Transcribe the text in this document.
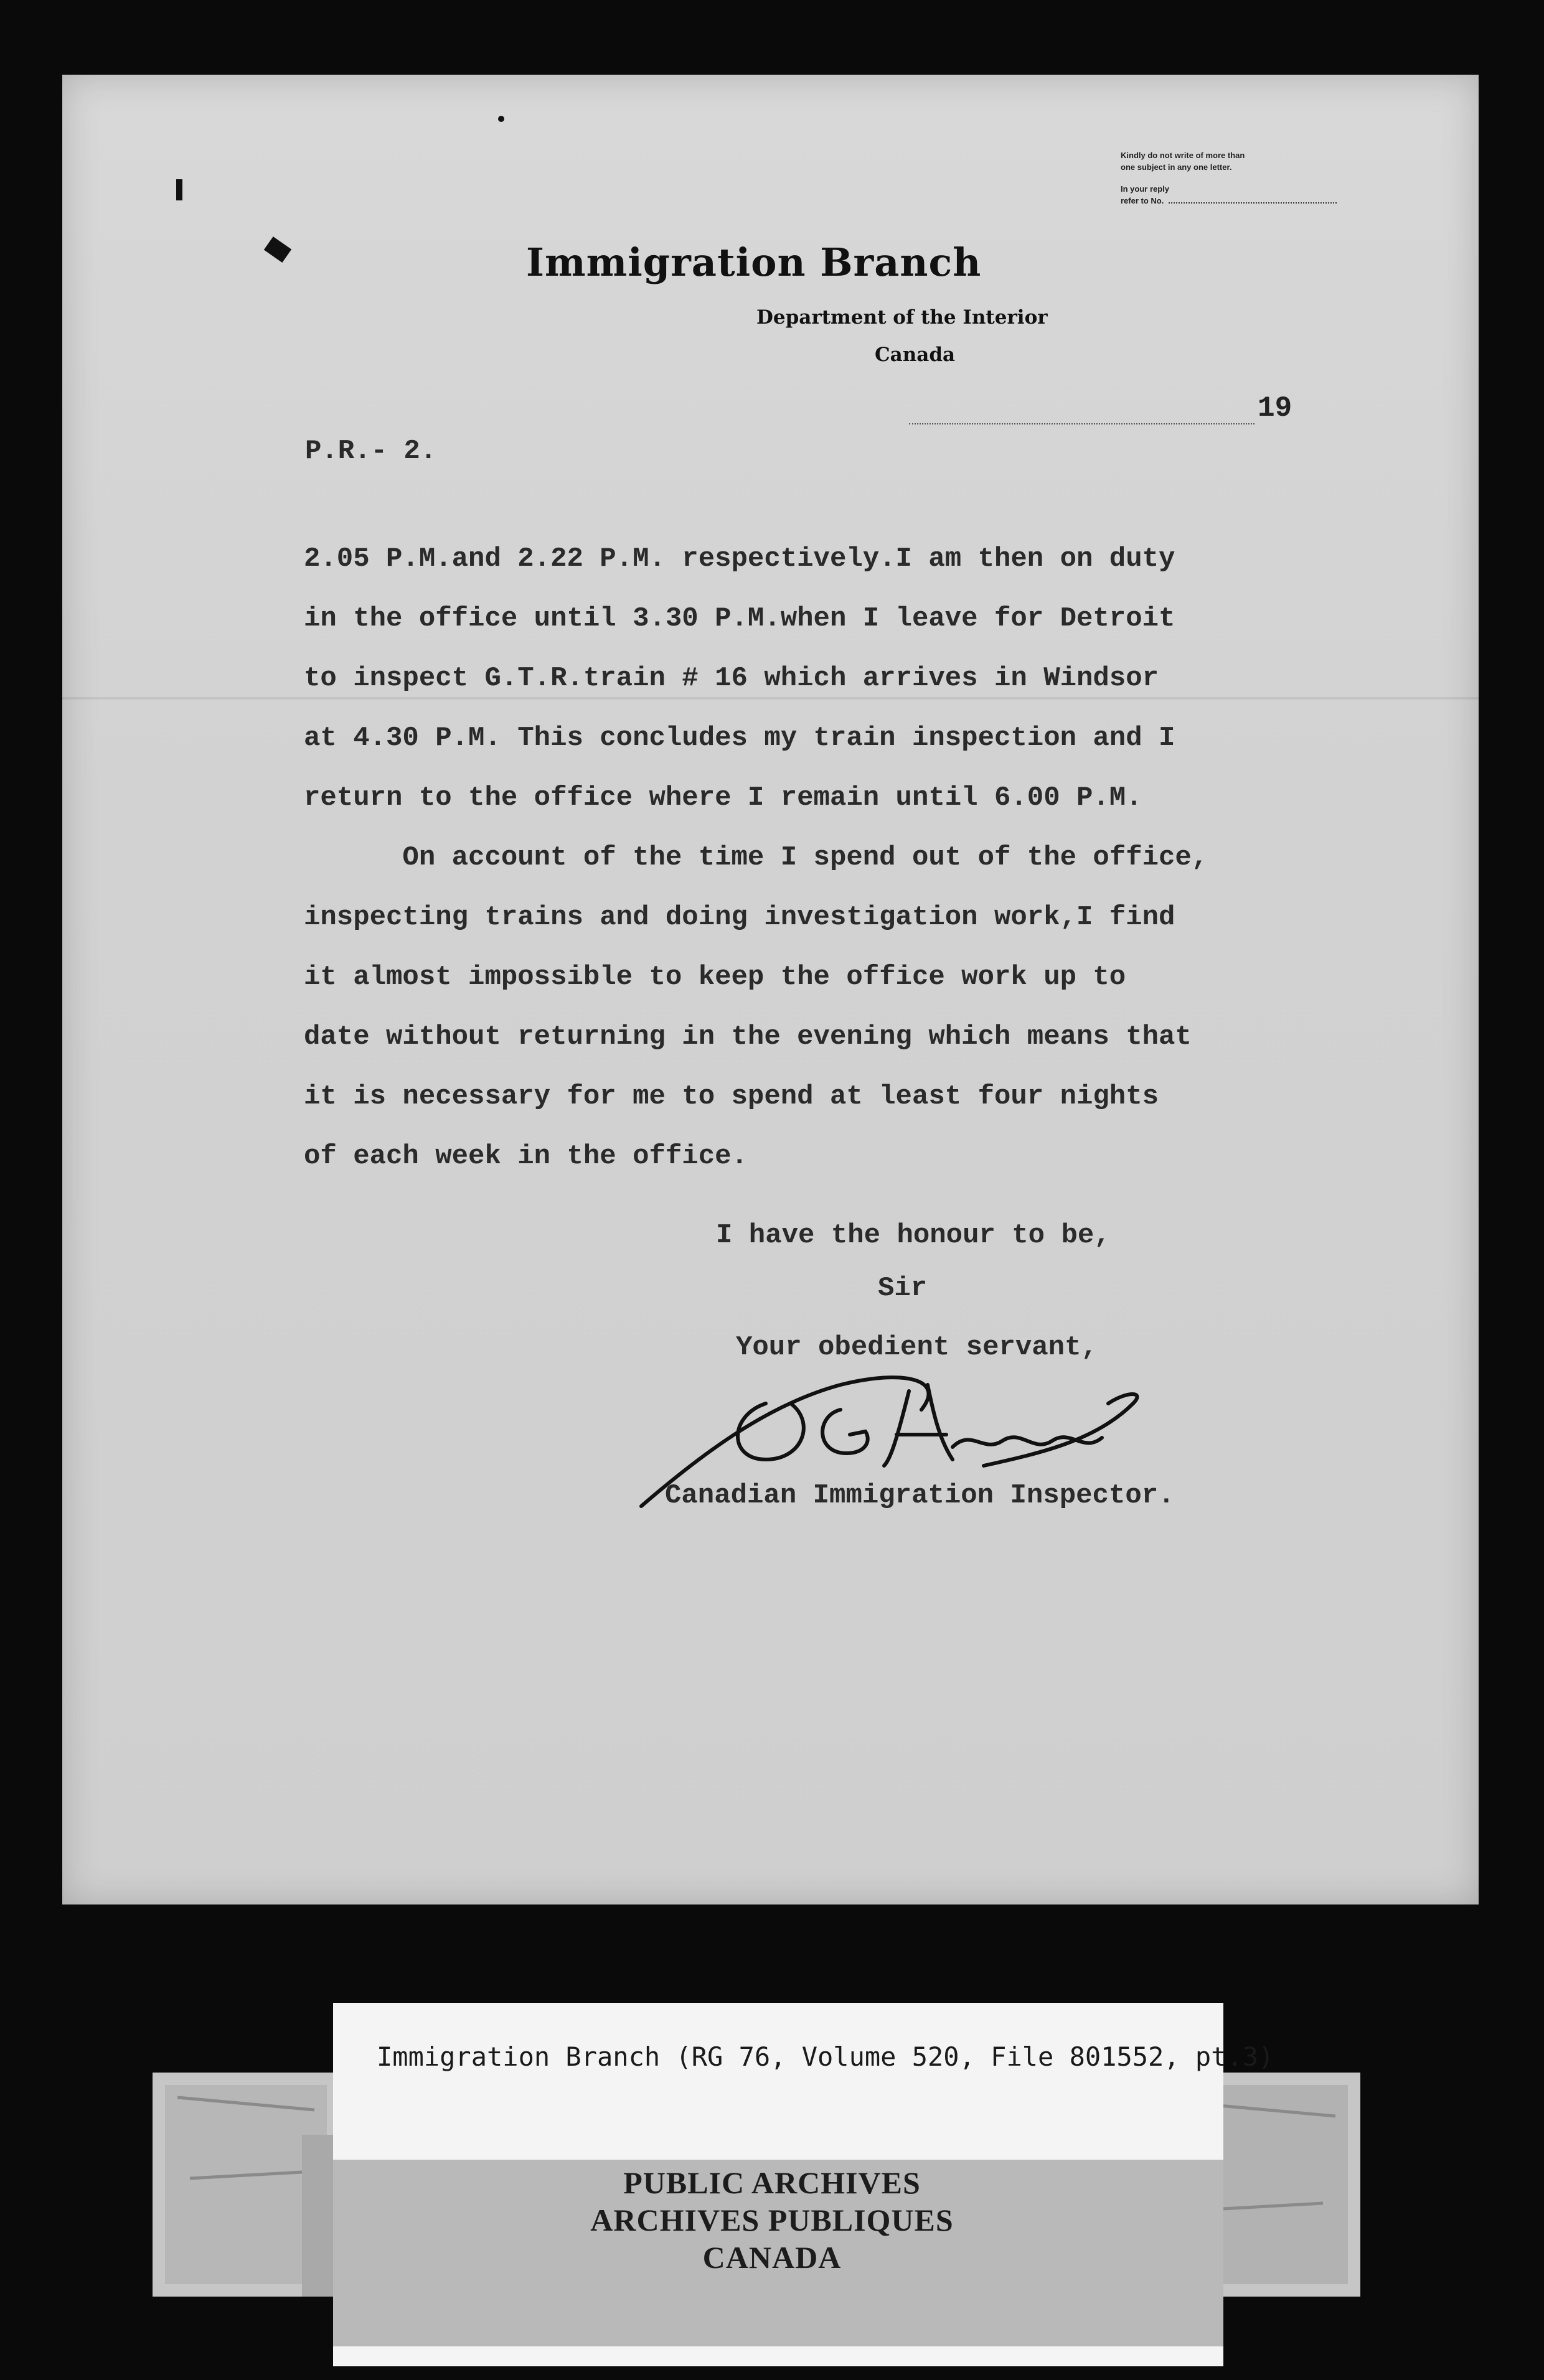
Kindly do not write of more than
one subject in any one letter.
In your reply
refer to No.
Immigration Branch
Department of the Interior
Canada
19
P.R.- 2.

2.05 P.M.and 2.22 P.M. respectively.I am then on duty

in the office until 3.30 P.M.when I leave for Detroit

to inspect G.T.R.train # 16 which arrives in Windsor

at 4.30 P.M. This concludes my train inspection and I

return to the office where I remain until 6.00 P.M.

On account of the time I spend out of the office,

inspecting trains and doing investigation work,I find

it almost impossible to keep the office work up to

date without returning in the evening which means that

it is necessary for me to spend at least four nights

of each week in the office.

I have the honour to be,
Sir
Your obedient servant,
Canadian Immigration Inspector.
Immigration Branch (RG 76, Volume 520, File 801552, pt.3)
PUBLIC ARCHIVES
ARCHIVES PUBLIQUES
CANADA
